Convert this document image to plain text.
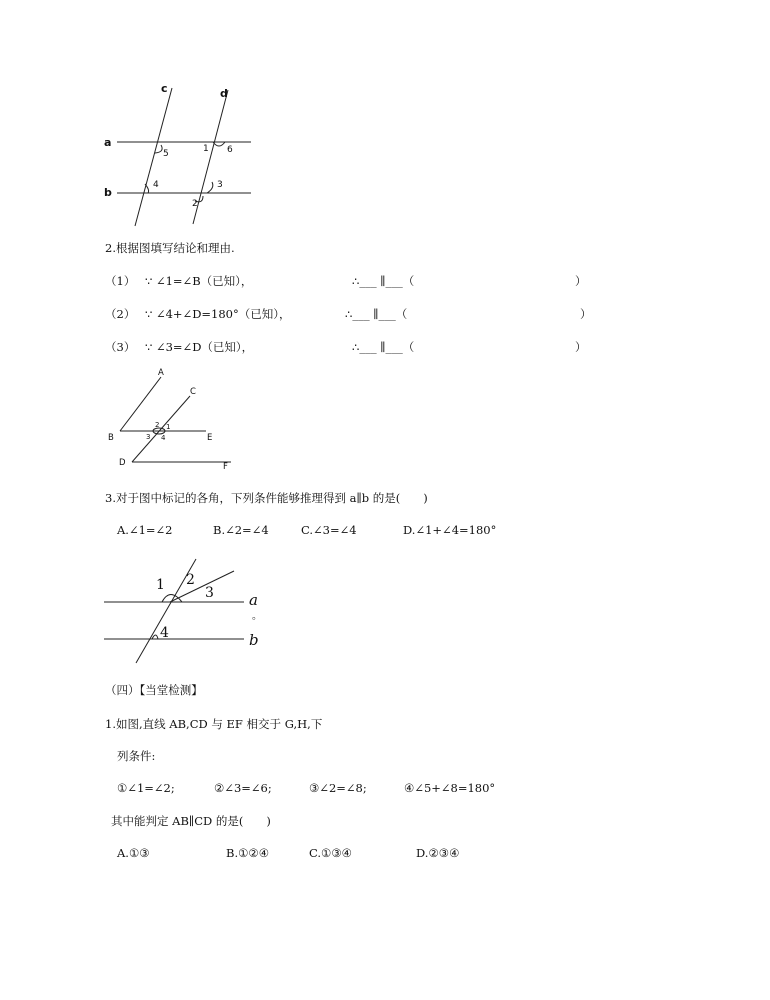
c	d
a
b
5	1 6
4	3
2
2.根据图填写结论和理由.
（1） ∵ ∠1=∠B（已知），	∴___ ∥___（	）
（2） ∵ ∠4+∠D=180°（已知），	∴___ ∥___（	）
（3） ∵ ∠3=∠D（已知），	∴___ ∥___（	）
A
C
B	E
D	F
2 1
3 4
3.对于图中标记的各角，下列条件能够推理得到 a∥b 的是(　　)
A.∠1=∠2	B.∠2=∠4	C.∠3=∠4	D.∠1+∠4=180°
1 2
3
4
a
b
。
（四）【当堂检测】
1.如图,直线 AB,CD 与 EF 相交于 G,H,下
列条件:
①∠1=∠2;	②∠3=∠6;	③∠2=∠8;	④∠5+∠8=180°
其中能判定 AB∥CD 的是(　　)
A.①③	B.①②④	C.①③④	D.②③④
